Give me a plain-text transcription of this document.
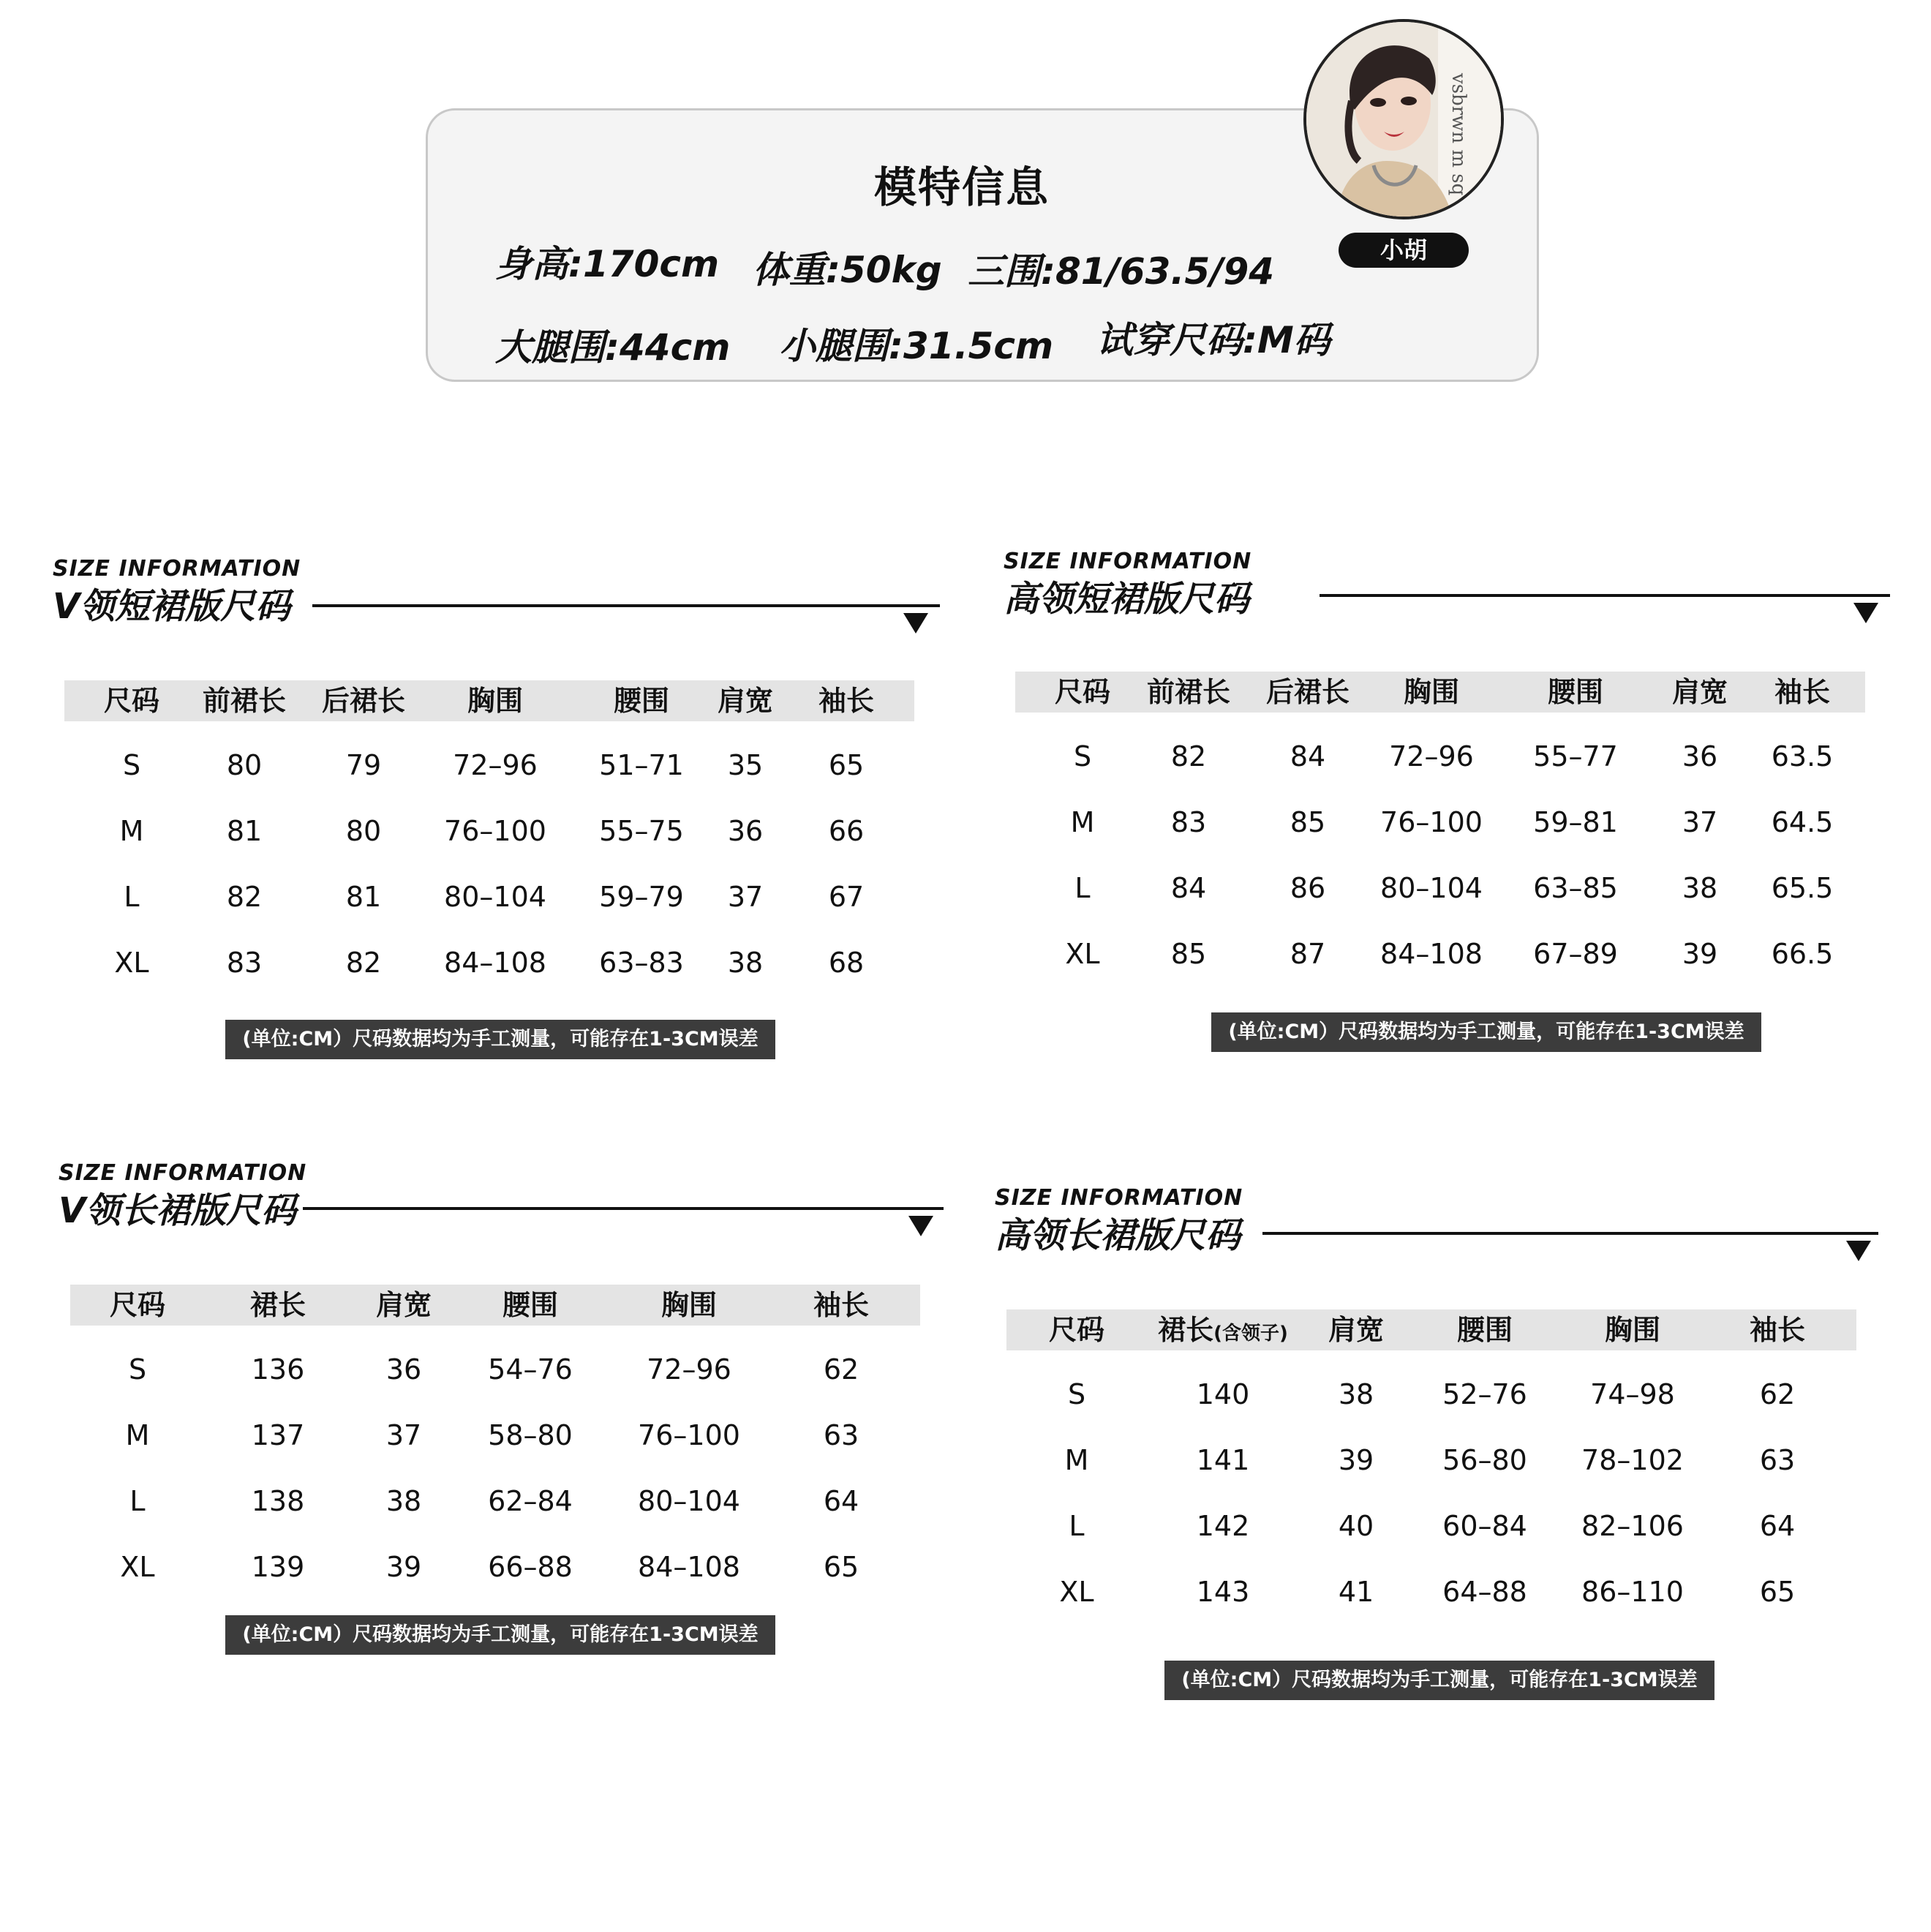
模特信息
身高:170cm 体重:50kg 三围:81/63.5/94
大腿围:44cm 小腿围:31.5cm 试穿尺码:M码
vsbrwn m sq
小胡
SIZE INFORMATION
V领短裙版尺码
尺码 前裙长 后裙长 胸围	腰围 肩宽 袖长
S	80	79	72–96 51–71 35 65
M	81	80 76–100 55–75 36 66
L	82	81 80–104 59–79 37 67
XL	83	82 84–108 63–83 38 68
(单位:CM）尺码数据均为手工测量，可能存在1-3CM误差
SIZE INFORMATION
高领短裙版尺码
尺码 前裙长 后裙长 胸围	腰围 肩宽 袖长
S	82	84 72–96 55–77 36 63.5
M	83	85 76–100 59–81 37 64.5
L	84	86 80–104 63–85 38 65.5
XL	85	87 84–108 67–89 39 66.5
(单位:CM）尺码数据均为手工测量，可能存在1-3CM误差
SIZE INFORMATION
V领长裙版尺码
尺码	裙长	肩宽	腰围	胸围	袖长
S	136	36 54–76	72–96	62
M	137	37 58–80 76–100	63
L	138	38 62–84 80–104	64
XL	139	39 66–88 84–108	65
(单位:CM）尺码数据均为手工测量，可能存在1-3CM误差
SIZE INFORMATION
高领长裙版尺码
尺码 裙长(含领子) 肩宽	腰围	胸围	袖长
S	140	38 52–76 74–98	62
M	141	39 56–80 78–102	63
L	142	40 60–84 82–106	64
XL	143	41 64–88 86–110	65
(单位:CM）尺码数据均为手工测量，可能存在1-3CM误差
